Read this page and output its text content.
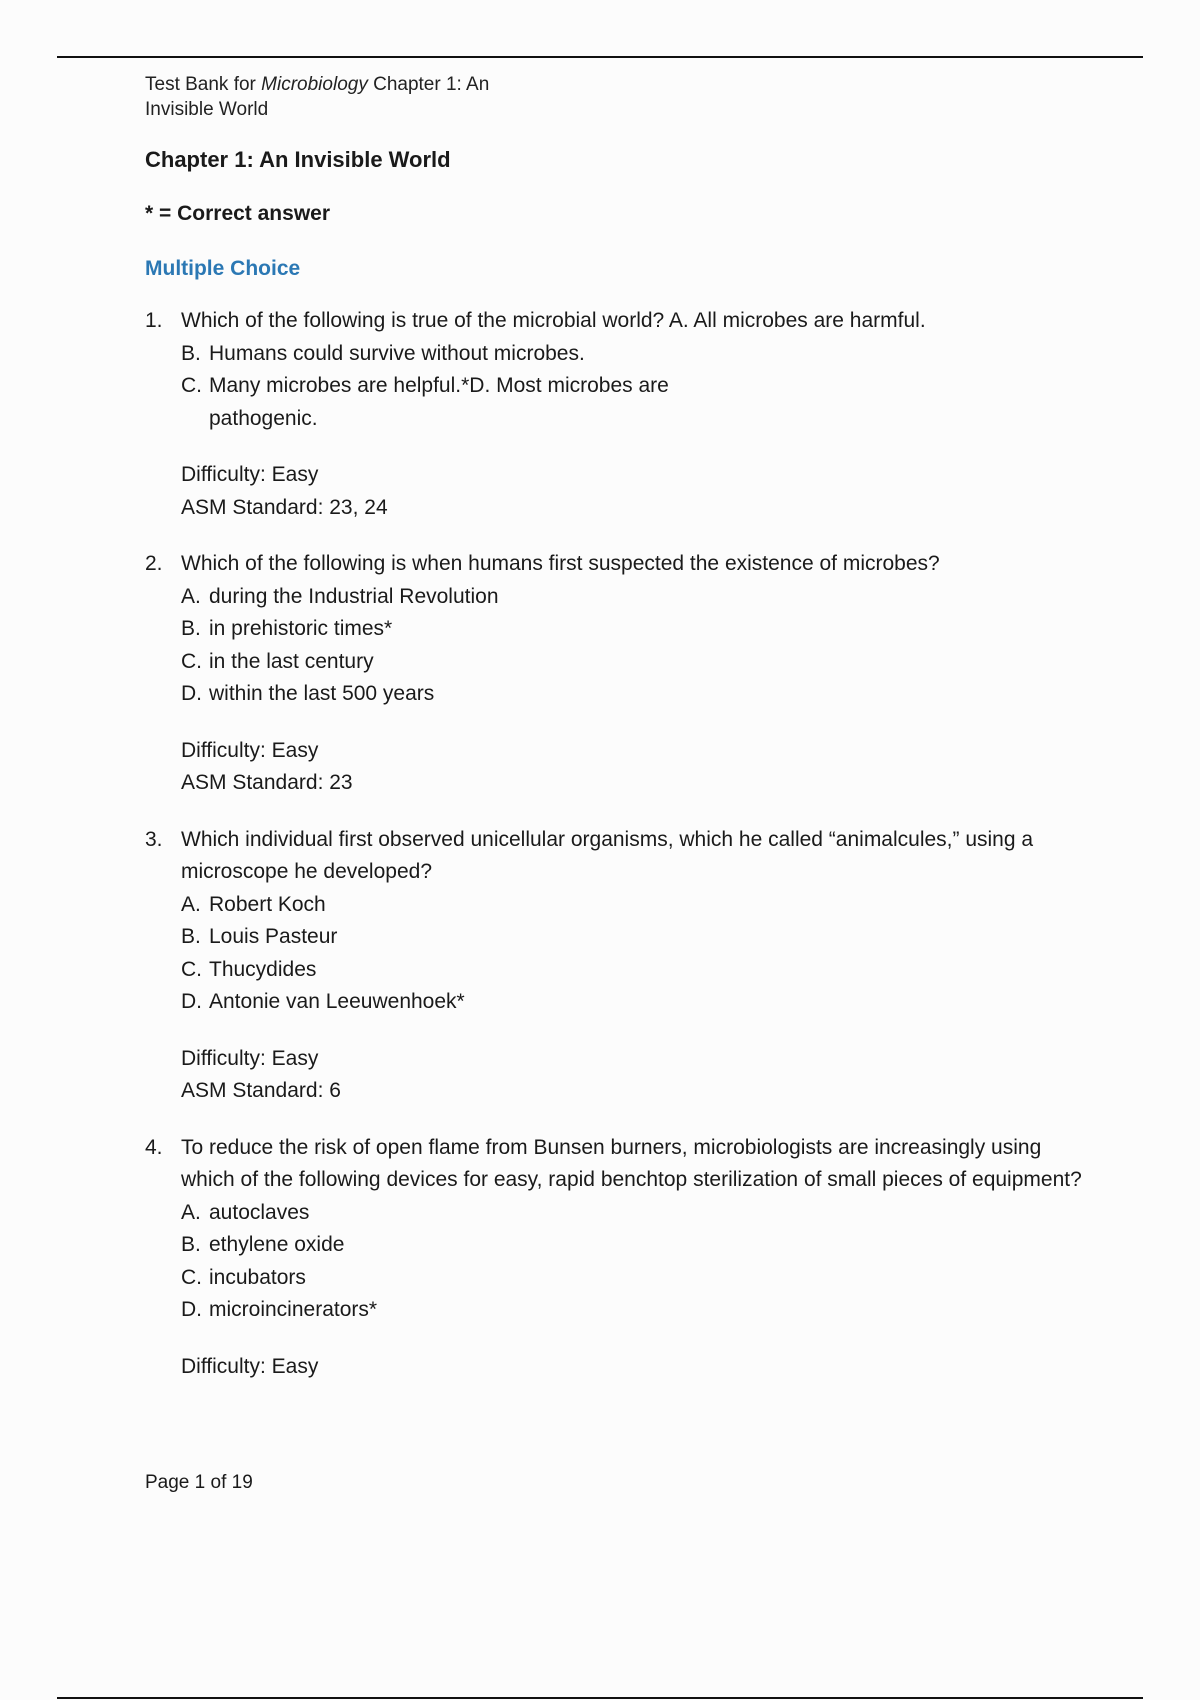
Test Bank for Microbiology Chapter 1: An
Invisible World
Chapter 1: An Invisible World
* = Correct answer
Multiple Choice
1. Which of the following is true of the microbial world? A. All microbes are harmful.
B. Humans could survive without microbes.
C. Many microbes are helpful.*D. Most microbes are pathogenic.
Difficulty: Easy
ASM Standard: 23, 24
2. Which of the following is when humans first suspected the existence of microbes?
A. during the Industrial Revolution
B. in prehistoric times*
C. in the last century
D. within the last 500 years
Difficulty: Easy
ASM Standard: 23
3. Which individual first observed unicellular organisms, which he called “animalcules,” using a microscope he developed?
A. Robert Koch
B. Louis Pasteur
C. Thucydides
D. Antonie van Leeuwenhoek*
Difficulty: Easy
ASM Standard: 6
4. To reduce the risk of open flame from Bunsen burners, microbiologists are increasingly using which of the following devices for easy, rapid benchtop sterilization of small pieces of equipment?
A. autoclaves
B. ethylene oxide
C. incubators
D. microincinerators*
Difficulty: Easy
Page 1 of 19
